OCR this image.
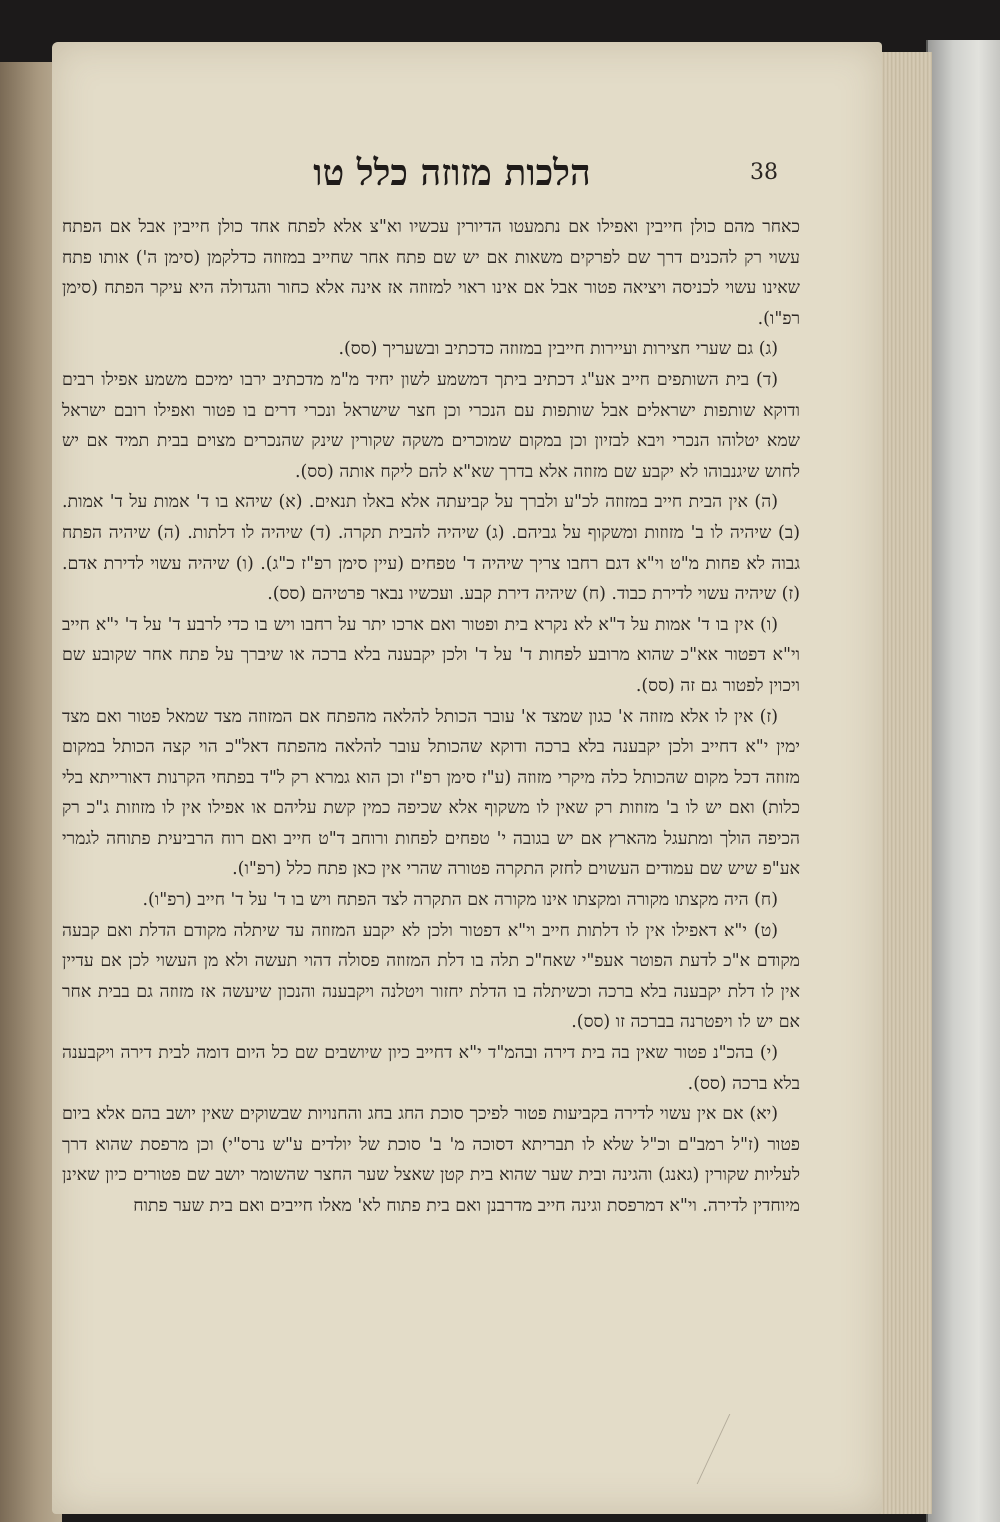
הלכות מזוזה כלל טו	38

כאחר מהם כולן חייבין ואפילו אם נתמעטו הדיורין עכשיו וא"צ אלא לפתח אחד כולן חייבין אבל אם הפתח עשוי רק להכנים דרך שם לפרקים משאות אם יש שם פתח אחר שחייב במזוזה כדלקמן (סימן ה') אותו פתח שאינו עשוי לכניסה ויציאה פטור אבל אם אינו ראוי למזוזה אז אינה אלא כחור והגדולה היא עיקר הפתח (סימן רפ"ו).

(ג) גם שערי חצירות ועיירות חייבין במזוזה כדכתיב ובשעריך (סס).

(ד) בית השותפים חייב אע"ג דכתיב ביתך דמשמע לשון יחיד מ"מ מדכתיב ירבו ימיכם משמע אפילו רבים ודוקא שותפות ישראלים אבל שותפות עם הנכרי וכן חצר שישראל ונכרי דרים בו פטור ואפילו רובם ישראל שמא יטלוהו הנכרי ויבא לבזיון וכן במקום שמוכרים משקה שקורין שינק שהנכרים מצוים בבית תמיד אם יש לחוש שיגנבוהו לא יקבע שם מזוזה אלא בדרך שא"א להם ליקח אותה (סס).

(ה) אין הבית חייב במזוזה לכ"ע ולברך על קביעתה אלא באלו תנאים. (א) שיהא בו ד' אמות על ד' אמות. (ב) שיהיה לו ב' מזוזות ומשקוף על גביהם. (ג) שיהיה להבית תקרה. (ד) שיהיה לו דלתות. (ה) שיהיה הפתח גבוה לא פחות מ"ט וי"א דגם רחבו צריך שיהיה ד' טפחים (עיין סימן רפ"ז כ"ג). (ו) שיהיה עשוי לדירת אדם. (ז) שיהיה עשוי לדירת כבוד. (ח) שיהיה דירת קבע. ועכשיו נבאר פרטיהם (סס).

(ו) אין בו ד' אמות על ד"א לא נקרא בית ופטור ואם ארכו יתר על רחבו ויש בו כדי לרבע ד' על ד' י"א חייב וי"א דפטור אא"כ שהוא מרובע לפחות ד' על ד' ולכן יקבענה בלא ברכה או שיברך על פתח אחר שקובע שם ויכוין לפטור גם זה (סס).

(ז) אין לו אלא מזוזה א' כגון שמצד א' עובר הכותל להלאה מהפתח אם המזוזה מצד שמאל פטור ואם מצד ימין י"א דחייב ולכן יקבענה בלא ברכה ודוקא שהכותל עובר להלאה מהפתח דאל"כ הוי קצה הכותל במקום מזוזה דכל מקום שהכותל כלה מיקרי מזוזה (ע"ז סימן רפ"ז וכן הוא גמרא רק ל"ד בפתחי הקרנות דאורייתא בלי כלות) ואם יש לו ב' מזוזות רק שאין לו משקוף אלא שכיפה כמין קשת עליהם או אפילו אין לו מזוזות ג"כ רק הכיפה הולך ומתעגל מהארץ אם יש בגובה י' טפחים לפחות ורוחב ד"ט חייב ואם רוח הרביעית פתוחה לגמרי אע"פ שיש שם עמודים העשוים לחזק התקרה פטורה שהרי אין כאן פתח כלל (רפ"ו).

(ח) היה מקצתו מקורה ומקצתו אינו מקורה אם התקרה לצד הפתח ויש בו ד' על ד' חייב (רפ"ו).

(ט) י"א דאפילו אין לו דלתות חייב וי"א דפטור ולכן לא יקבע המזוזה עד שיתלה מקודם הדלת ואם קבעה מקודם א"כ לדעת הפוטר אעפ"י שאח"כ תלה בו דלת המזוזה פסולה דהוי תעשה ולא מן העשוי לכן אם עדיין אין לו דלת יקבענה בלא ברכה וכשיתלה בו הדלת יחזור ויטלנה ויקבענה והנכון שיעשה אז מזוזה גם בבית אחר אם יש לו ויפטרנה בברכה זו (סס).

(י) בהכ"נ פטור שאין בה בית דירה ובהמ"ד י"א דחייב כיון שיושבים שם כל היום דומה לבית דירה ויקבענה בלא ברכה (סס).

(יא) אם אין עשוי לדירה בקביעות פטור לפיכך סוכת החג בחג והחנויות שבשוקים שאין יושב בהם אלא ביום פטור (ז"ל רמב"ם וכ"ל שלא לו תבריתא דסוכה מ' ב' סוכת של יולדים ע"ש נרס"י) וכן מרפסת שהוא דרך לעליות שקורין (גאנג) והגינה ובית שער שהוא בית קטן שאצל שער החצר שהשומר יושב שם פטורים כיון שאינן מיוחדין לדירה. וי"א דמרפסת וגינה חייב מדרבנן ואם בית פתוח לא' מאלו חייבים ואם בית שער פתוח
